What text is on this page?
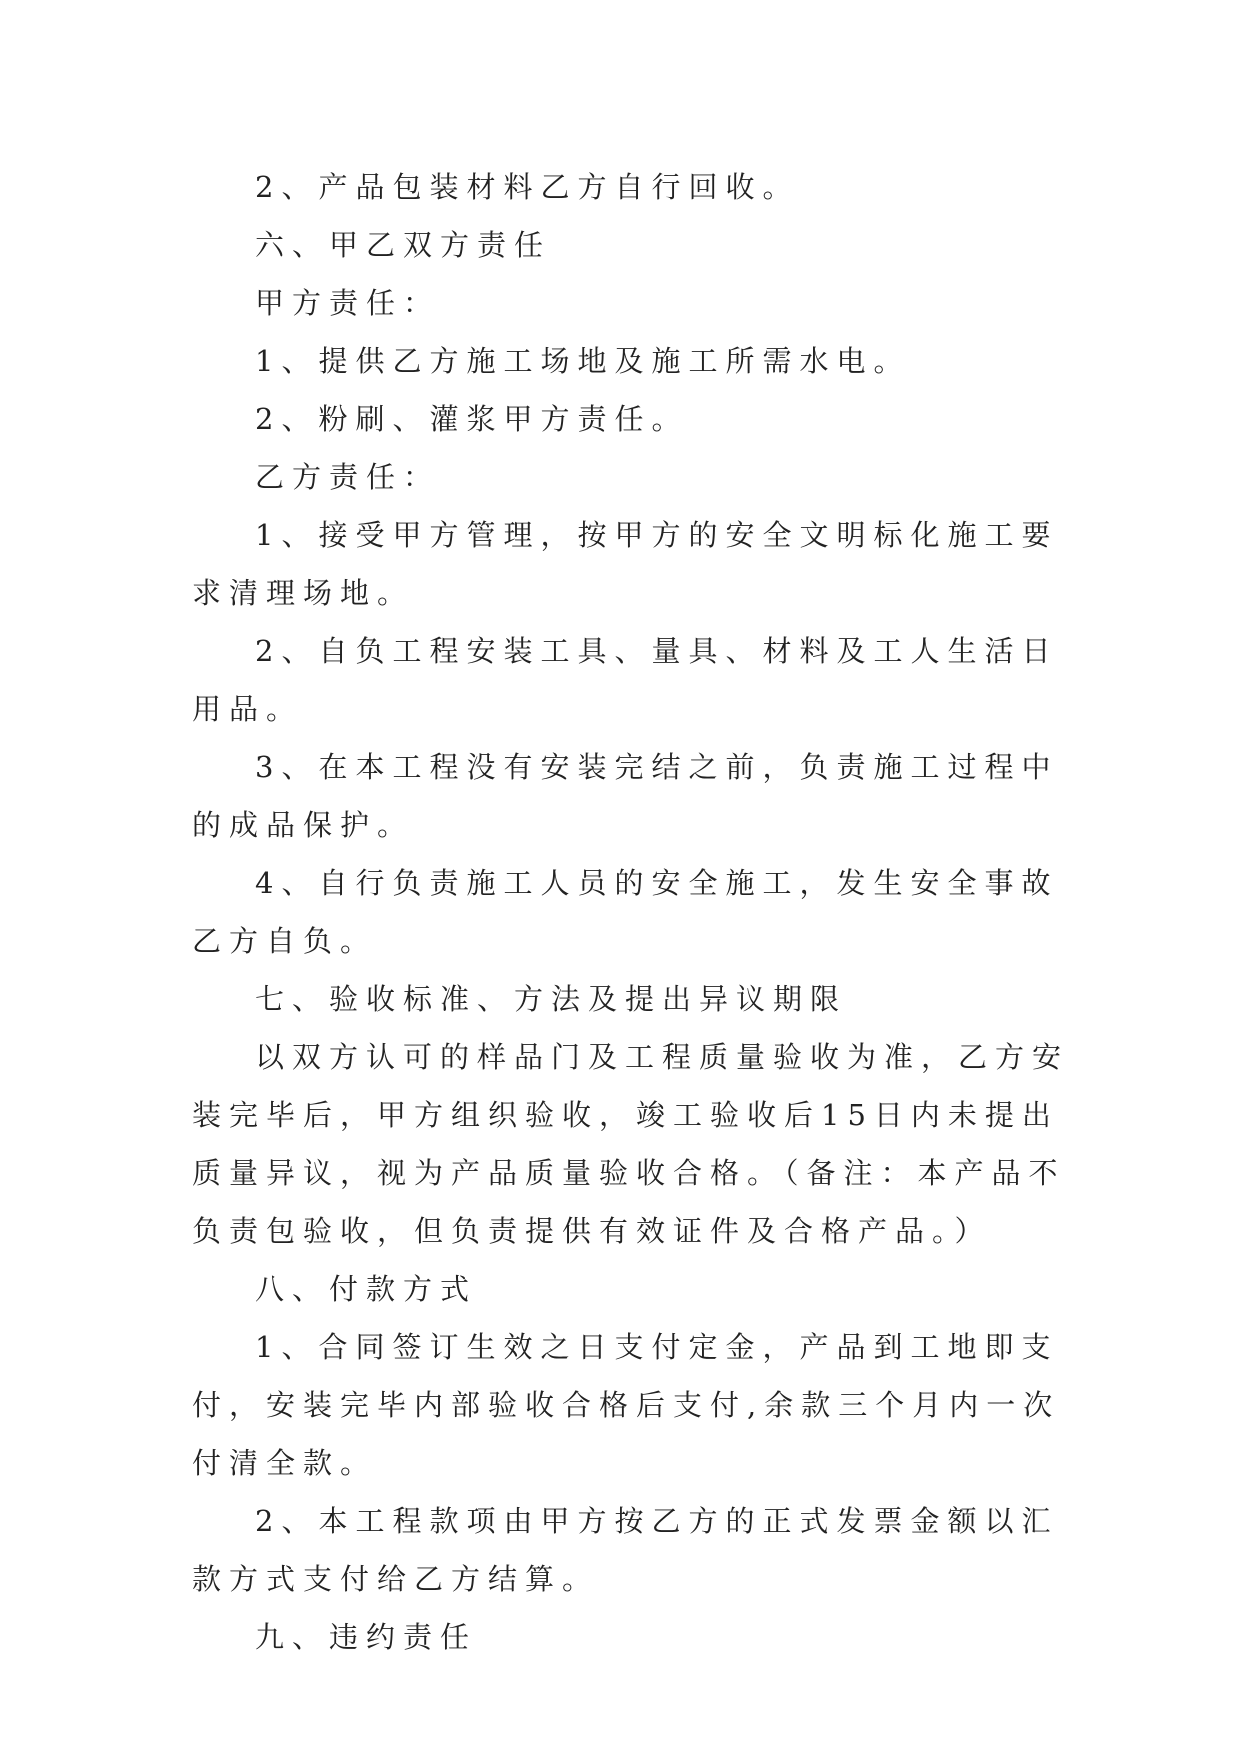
2、产品包装材料乙方自行回收。

六、甲乙双方责任

甲方责任：

1、提供乙方施工场地及施工所需水电。

2、粉刷、灌浆甲方责任。

乙方责任：

1、接受甲方管理，按甲方的安全文明标化施工要求清理场地。

2、自负工程安装工具、量具、材料及工人生活日用品。

3、在本工程没有安装完结之前，负责施工过程中的成品保护。

4、自行负责施工人员的安全施工，发生安全事故乙方自负。

七、验收标准、方法及提出异议期限

以双方认可的样品门及工程质量验收为准，乙方安装完毕后，甲方组织验收，竣工验收后15日内未提出质量异议，视为产品质量验收合格。（备注：本产品不负责包验收，但负责提供有效证件及合格产品。）

八、付款方式

1、合同签订生效之日支付定金，产品到工地即支付，安装完毕内部验收合格后支付,余款三个月内一次付清全款。

2、本工程款项由甲方按乙方的正式发票金额以汇款方式支付给乙方结算。

九、违约责任
